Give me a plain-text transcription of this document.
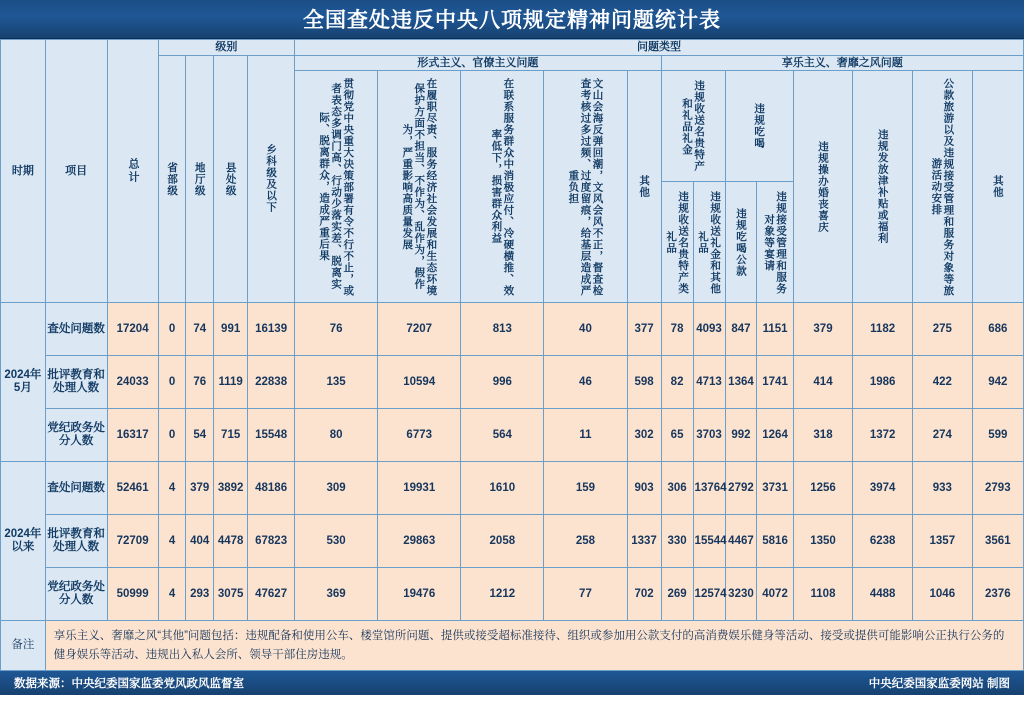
全国查处违反中央八项规定精神问题统计表
时期	项目	总计	级别				问题类型												

			省部级	地厅级	县处级	乡科级及以下	形式主义、官僚主义问题					享乐主义、奢靡之风问题							

							贯彻党中央重大决策部署有令不行不止，或者表态多调门高、行动少落实差、脱离实际、脱离群众，造成严重后果	在履职尽责、服务经济社会发展和生态环境保护方面不担当、不作为、乱作为，假作为，严重影响高质量发展	在联系服务群众中消极应付、冷硬横推、效率低下，损害群众利益	文山会海反弹回潮，文风会风不正，督查检查考核过多过频、过度留痕，给基层造成严重负担	其他	违规收送名贵特产和礼品礼金		违规吃喝		违规操办婚丧喜庆	违规发放津补贴或福利	公款旅游以及违规接受管理和服务对象等旅游活动安排	其他

												违规收送名贵特产类礼品	违规收送礼金和其他礼品	违规吃喝公款	违规接受管理和服务对象等宴请				

2024年5月	查处问题数	17204	0	74	991	16139	76	7207	813	40	377	78	4093	847	1151	379	1182	275	686
	批评教育和处理人数	24033	0	76	1119	22838	135	10594	996	46	598	82	4713	1364	1741	414	1986	422	942
	党纪政务处分人数	16317	0	54	715	15548	80	6773	564	11	302	65	3703	992	1264	318	1372	274	599
2024年以来	查处问题数	52461	4	379	3892	48186	309	19931	1610	159	903	306	13764	2792	3731	1256	3974	933	2793
	批评教育和处理人数	72709	4	404	4478	67823	530	29863	2058	258	1337	330	15544	4467	5816	1350	6238	1357	3561
	党纪政务处分人数	50999	4	293	3075	47627	369	19476	1212	77	702	269	12574	3230	4072	1108	4488	1046	2376
备注	享乐主义、奢靡之风“其他”问题包括：违规配备和使用公车、楼堂馆所问题、提供或接受超标准接待、组织或参加用公款支付的高消费娱乐健身等活动、接受或提供可能影响公正执行公务的健身娱乐等活动、违规出入私人会所、领导干部住房违规。																		
数据来源：中央纪委国家监委党风政风监督室	中央纪委国家监委网站 制图
